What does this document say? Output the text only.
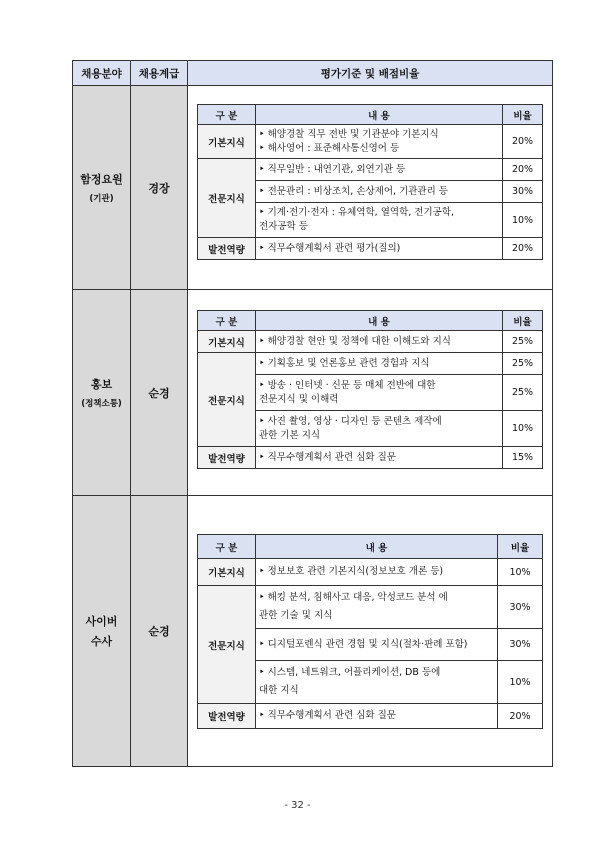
채용분야	채용계급	평가기준 및 배점비율
함정요원
(기관)
	경장	
구 분	내 용	비율
기본지식	
‣ 해양경찰 직무 전반 및 기관분야 기본지식
‣ 해사영어 : 표준해사통신영어 등
	20%
전문지식	
‣ 직무일반 : 내연기관, 외연기관 등	20%

‣ 전문관리 : 비상조치, 손상제어, 기관관리 등	30%

‣ 기계·전기·전자 : 유체역학, 열역학, 전기공학,
전자공학 등
	10%
발전역량	‣ 직무수행계획서 관련 평가(질의)	20%

홍보
(정책소통)
	순경	
구 분	내 용	비율
기본지식	‣ 해양경찰 현안 및 정책에 대한 이해도와 지식	25%
전문지식	
‣ 기획홍보 및 언론홍보 관련 경험과 지식	25%

‣ 방송 · 인터넷 · 신문 등 매체 전반에 대한
전문지식 및 이해력
	25%

‣ 사진 촬영, 영상 · 디자인 등 콘텐츠 제작에
관한 기본 지식
	10%
발전역량	‣ 직무수행계획서 관련 심화 질문	15%

사이버
수사
	순경	
구 분	내 용	비율
기본지식	‣ 정보보호 관련 기본지식(정보보호 개론 등)	10%
전문지식	
‣ 해킹 분석, 침해사고 대응, 악성코드 분석 에
관한 기술 및 지식
	30%

‣ 디지털포렌식 관련 경험 및 지식(절차·판례 포함)	30%

‣ 시스템, 네트워크, 어플리케이션, DB 등에
대한 지식
	10%
발전역량	‣ 직무수행계획서 관련 심화 질문	20%
- 32 -
